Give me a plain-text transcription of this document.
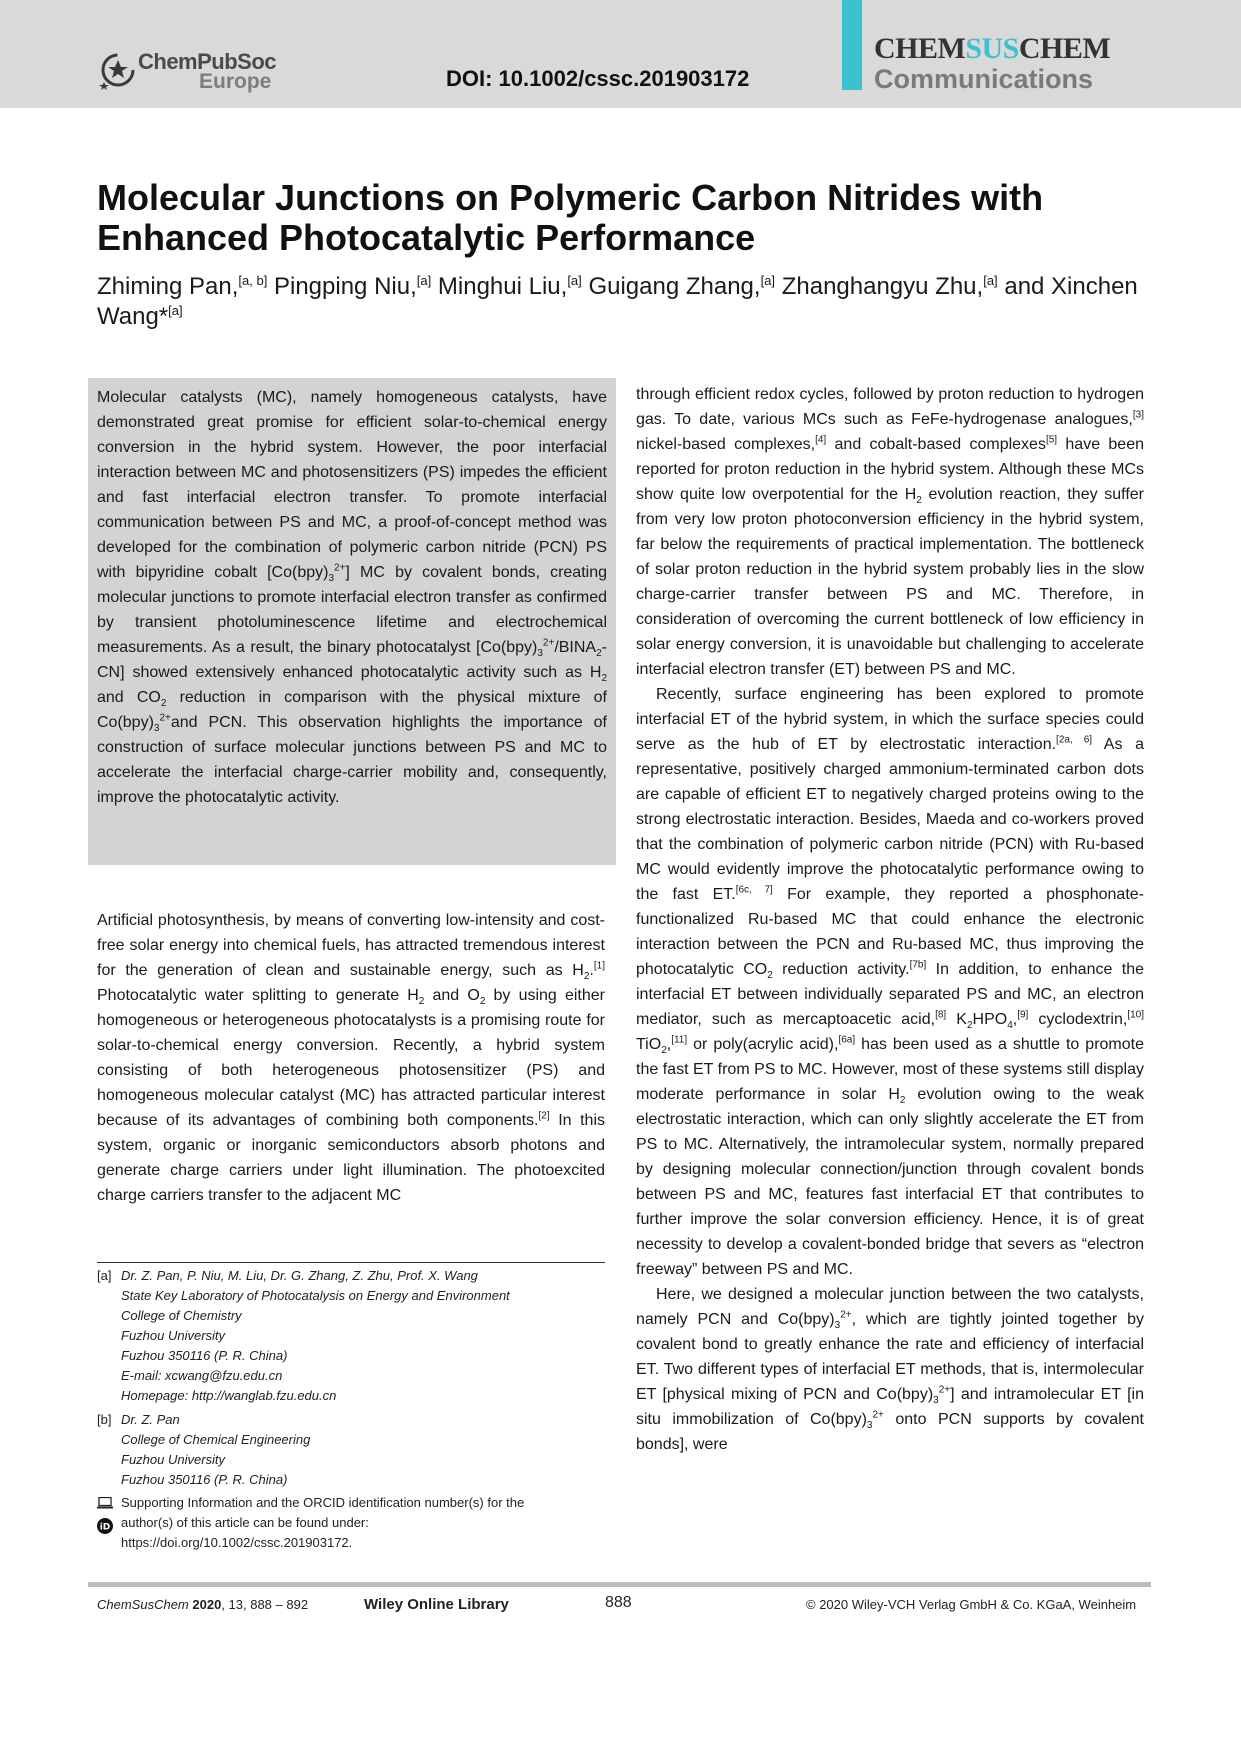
ChemPubSoc
Europe	DOI: 10.1002/cssc.201903172
CHEMSUSCHEM
Communications
Molecular Junctions on Polymeric Carbon Nitrides with Enhanced Photocatalytic Performance
Zhiming Pan,[a, b] Pingping Niu,[a] Minghui Liu,[a] Guigang Zhang,[a] Zhanghangyu Zhu,[a] and Xinchen Wang*[a]

Molecular catalysts (MC), namely homogeneous catalysts, have demonstrated great promise for efficient solar-to-chemical energy conversion in the hybrid system. However, the poor interfacial interaction between MC and photosensitizers (PS) impedes the efficient and fast interfacial electron transfer. To promote interfacial communication between PS and MC, a proof-of-concept method was developed for the combination of polymeric carbon nitride (PCN) PS with bipyridine cobalt $[Co(bpy)_3^{2+}]$ MC by covalent bonds, creating molecular junctions to promote interfacial electron transfer as confirmed by transient photoluminescence lifetime and electrochemical measurements. As a result, the binary photocatalyst $[Co(bpy)_3^{2+}/BINA_2-CN]$ showed extensively enhanced photocatalytic activity such as $H_2$ and $CO_2$ reduction in comparison with the physical mixture of $Co(bpy)_3^{2+}and$ PCN. This observation highlights the importance of construction of surface molecular junctions between PS and MC to accelerate the interfacial charge-carrier mobility and, consequently, improve the photocatalytic activity.

Artificial photosynthesis, by means of converting low-intensity and cost-free solar energy into chemical fuels, has attracted tremendous interest for the generation of clean and sustainable energy, such as $H_2.[1]$ Photocatalytic water splitting to generate $H_2$ and $O_2$ by using either homogeneous or heterogeneous photocatalysts is a promising route for solar-to-chemical energy conversion. Recently, a hybrid system consisting of both heterogeneous photosensitizer (PS) and homogeneous molecular catalyst (MC) has attracted particular interest because of its advantages of combining both components.[2] In this system, organic or inorganic semiconductors absorb photons and generate charge carriers under light illumination. The photoexcited charge carriers transfer to the adjacent MC

through efficient redox cycles, followed by proton reduction to hydrogen gas. To date, various MCs such as FeFe-hydrogenase analogues,[3] nickel-based complexes,[4] and cobalt-based complexes[5] have been reported for proton reduction in the hybrid system. Although these MCs show quite low overpotential for the $H_2$ evolution reaction, they suffer from very low proton photoconversion efficiency in the hybrid system, far below the requirements of practical implementation. The bottleneck of solar proton reduction in the hybrid system probably lies in the slow charge-carrier transfer between PS and MC. Therefore, in consideration of overcoming the current bottleneck of low efficiency in solar energy conversion, it is unavoidable but challenging to accelerate interfacial electron transfer (ET) between PS and MC.

Recently, surface engineering has been explored to promote interfacial ET of the hybrid system, in which the surface species could serve as the hub of ET by electrostatic interaction.[2a, 6] As a representative, positively charged ammonium-terminated carbon dots are capable of efficient ET to negatively charged proteins owing to the strong electrostatic interaction. Besides, Maeda and co-workers proved that the combination of polymeric carbon nitride (PCN) with Ru-based MC would evidently improve the photocatalytic performance owing to the fast ET.[6c, 7] For example, they reported a phosphonate-functionalized Ru-based MC that could enhance the electronic interaction between the PCN and Ru-based MC, thus improving the photocatalytic $CO_2$ reduction activity.[7b] In addition, to enhance the interfacial ET between individually separated PS and MC, an electron mediator, such as mercaptoacetic acid,[8] $K_2HPO_4,[9]$ cyclodextrin,[10] TiO$_2$,[11] or poly(acrylic acid),[6a] has been used as a shuttle to promote the fast ET from PS to MC. However, most of these systems still display moderate performance in solar $H_2$ evolution owing to the weak electrostatic interaction, which can only slightly accelerate the ET from PS to MC. Alternatively, the intramolecular system, normally prepared by designing molecular connection/junction through covalent bonds between PS and MC, features fast interfacial ET that contributes to further improve the solar conversion efficiency. Hence, it is of great necessity to develop a covalent-bonded bridge that severs as “electron freeway” between PS and MC.

Here, we designed a molecular junction between the two catalysts, namely PCN and $Co(bpy)_3^{2+}$, which are tightly jointed together by covalent bond to greatly enhance the rate and efficiency of interfacial ET. Two different types of interfacial ET methods, that is, intermolecular ET [physical mixing of PCN and $Co(bpy)_3^{2+}$] and intramolecular ET [in situ immobilization of $Co(bpy)_3^{2+}$ onto PCN supports by covalent bonds], were

[a] Dr. Z. Pan, P. Niu, M. Liu, Dr. G. Zhang, Z. Zhu, Prof. X. Wang
State Key Laboratory of Photocatalysis on Energy and Environment
College of Chemistry
Fuzhou University
Fuzhou 350116 (P. R. China)
E-mail: xcwang@fzu.edu.cn
Homepage: http://wanglab.fzu.edu.cn
[b] Dr. Z. Pan
College of Chemical Engineering
Fuzhou University
Fuzhou 350116 (P. R. China)
iD
Supporting Information and the ORCID identification number(s) for the
author(s) of this article can be found under:
https://doi.org/10.1002/cssc.201903172.
ChemSusChem 2020, 13, 888 – 892	Wiley Online Library	888	© 2020 Wiley-VCH Verlag GmbH & Co. KGaA, Weinheim
